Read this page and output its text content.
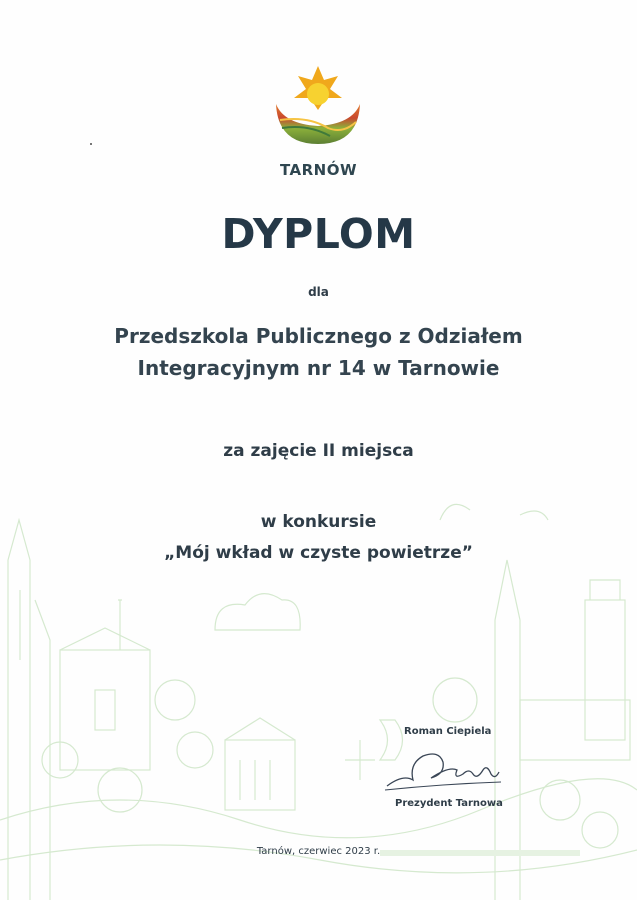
TARNÓW
DYPLOM
dla
Przedszkola Publicznego z Odziałem
Integracyjnym nr 14 w Tarnowie
za zajęcie II miejsca
w konkursie
„Mój wkład w czyste powietrze”
Roman Ciepiela
Prezydent Tarnowa
Tarnów, czerwiec 2023 r.
